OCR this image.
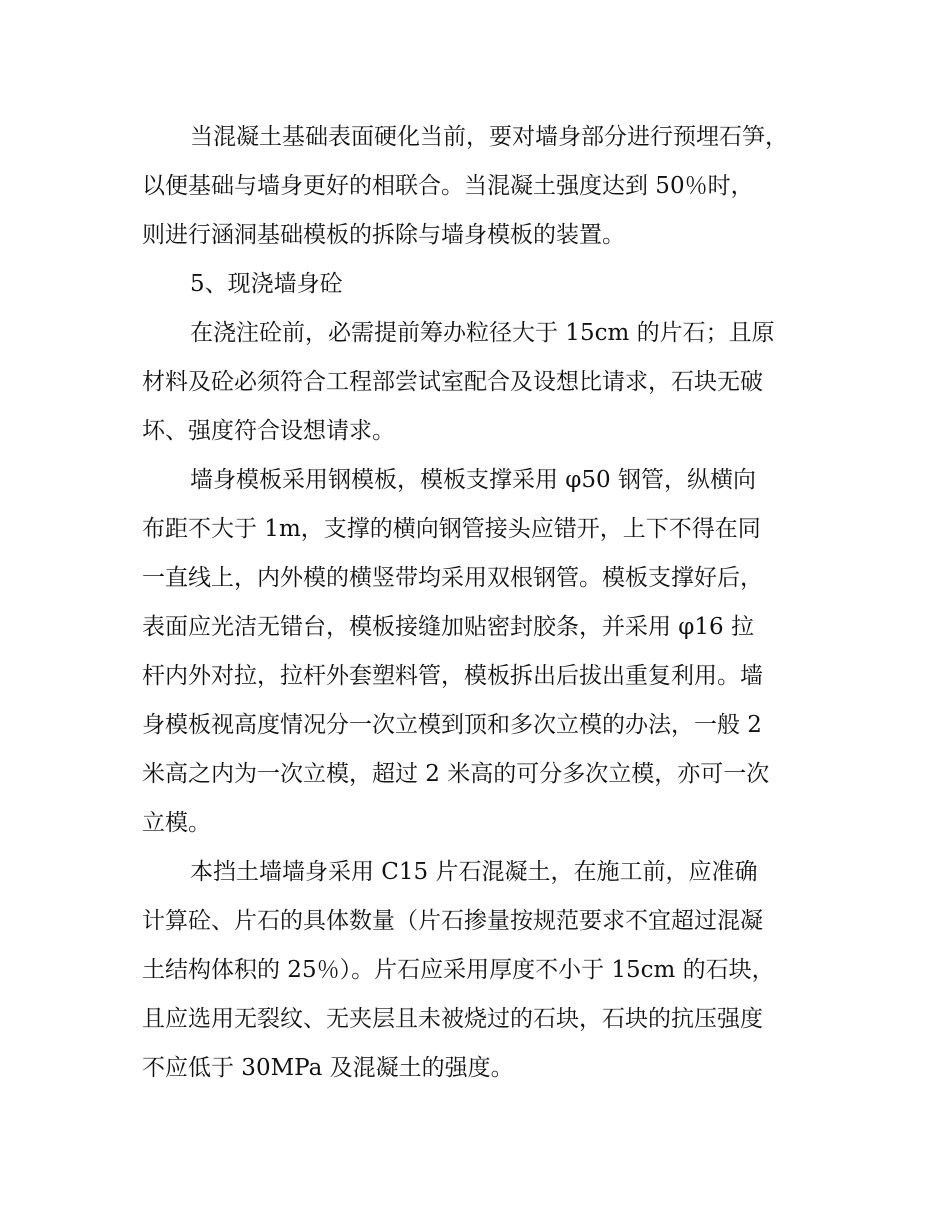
当混凝土基础表面硬化当前，要对墙身部分进行预埋石笋，
以便基础与墙身更好的相联合。当混凝土强度达到 50％时，
则进行涵洞基础模板的拆除与墙身模板的装置。
5、现浇墙身砼
在浇注砼前，必需提前筹办粒径大于 15cm 的片石；且原
材料及砼必须符合工程部尝试室配合及设想比请求，石块无破
坏、强度符合设想请求。
墙身模板采用钢模板，模板支撑采用 φ50 钢管，纵横向
布距不大于 1m，支撑的横向钢管接头应错开，上下不得在同
一直线上，内外模的横竖带均采用双根钢管。模板支撑好后，
表面应光洁无错台，模板接缝加贴密封胶条，并采用 φ16 拉
杆内外对拉，拉杆外套塑料管，模板拆出后拔出重复利用。墙
身模板视高度情况分一次立模到顶和多次立模的办法，一般 2
米高之内为一次立模，超过 2 米高的可分多次立模，亦可一次
立模。
本挡土墙墙身采用 C15 片石混凝土，在施工前，应准确
计算砼、片石的具体数量（片石掺量按规范要求不宜超过混凝
土结构体积的 25％）。片石应采用厚度不小于 15cm 的石块，
且应选用无裂纹、无夹层且未被烧过的石块，石块的抗压强度
不应低于 30MPa 及混凝土的强度。
